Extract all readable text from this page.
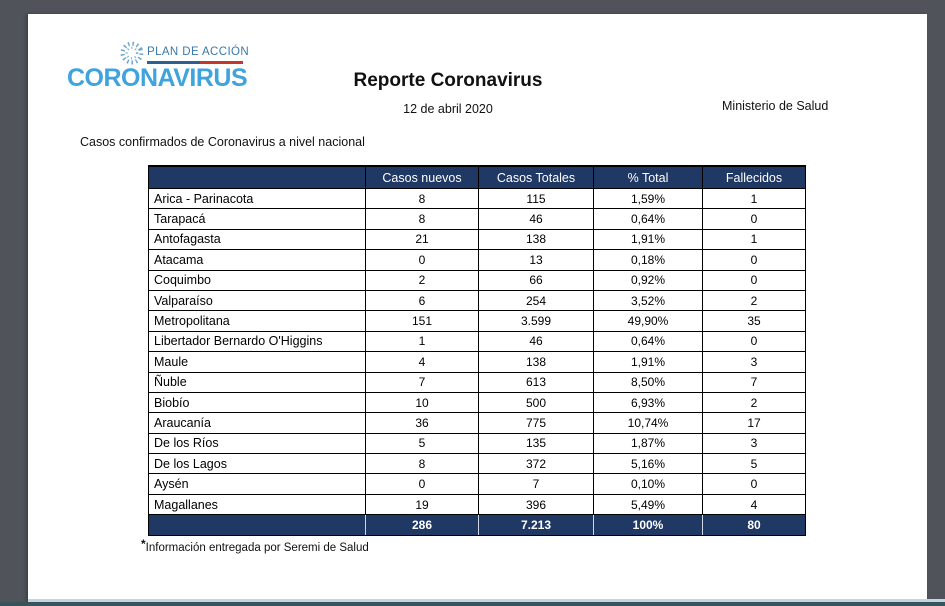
PLAN DE ACCIÓN
CORONAVIRUS	Reporte Coronavirus
12 de abril 2020	Ministerio de Salud
Casos confirmados de Coronavirus a nivel nacional
	Casos nuevos	Casos Totales	% Total	Fallecidos
Arica - Parinacota	8	115	1,59%	1
Tarapacá	8	46	0,64%	0
Antofagasta	21	138	1,91%	1
Atacama	0	13	0,18%	0
Coquimbo	2	66	0,92%	0
Valparaíso	6	254	3,52%	2
Metropolitana	151	3.599	49,90%	35
Libertador Bernardo O'Higgins	1	46	0,64%	0
Maule	4	138	1,91%	3
Ñuble	7	613	8,50%	7
Biobío	10	500	6,93%	2
Araucanía	36	775	10,74%	17
De los Ríos	5	135	1,87%	3
De los Lagos	8	372	5,16%	5
Aysén	0	7	0,10%	0
Magallanes	19	396	5,49%	4
	286	7.213	100%	80
*Información entregada por Seremi de Salud
